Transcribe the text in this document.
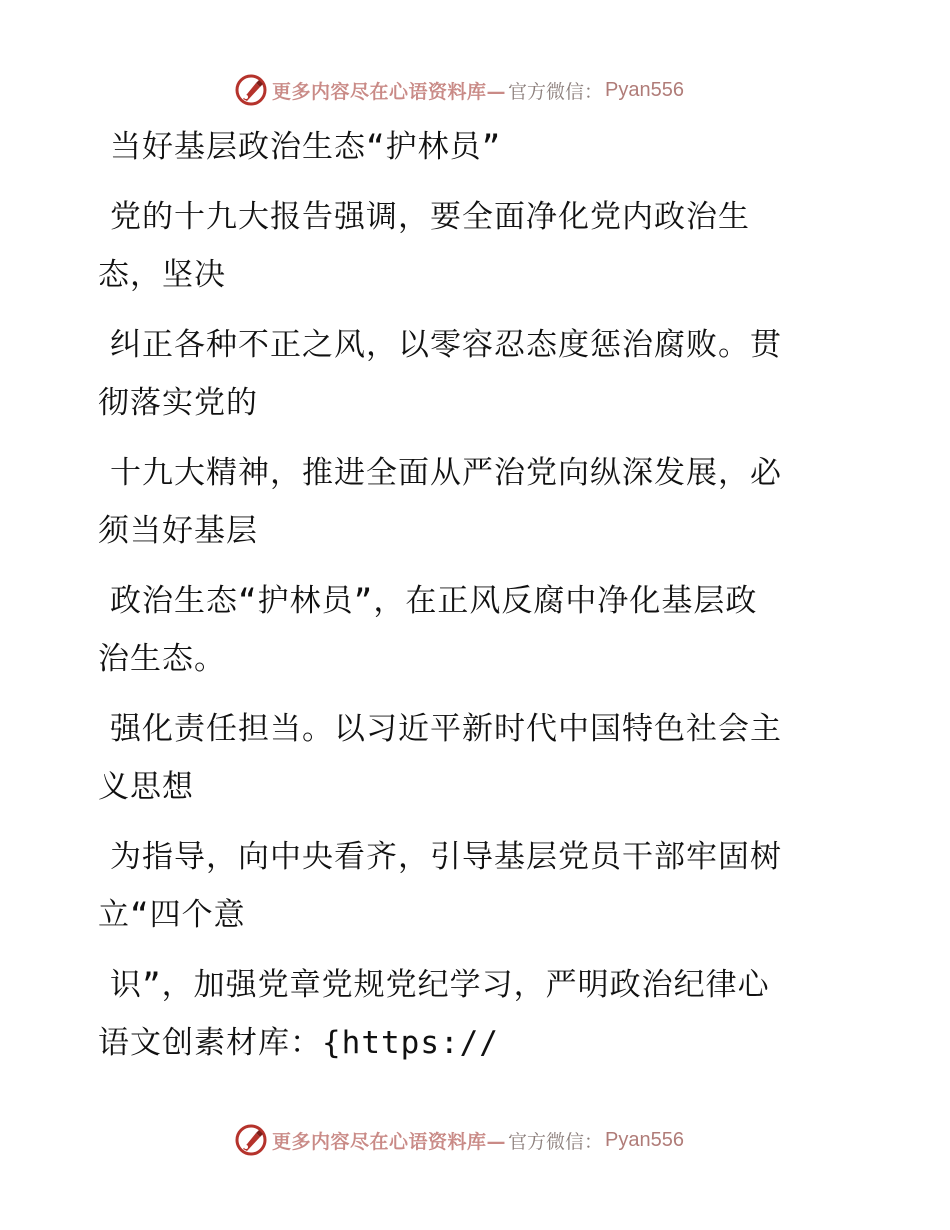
更多内容尽在心语资料库— 官方微信： Pyan556

当好基层政治生态“护林员”

党的十九大报告强调，要全面净化党内政治生

态，坚决

纠正各种不正之风，以零容忍态度惩治腐败。贯

彻落实党的

十九大精神，推进全面从严治党向纵深发展，必

须当好基层

政治生态“护林员”，在正风反腐中净化基层政

治生态。

强化责任担当。以习近平新时代中国特色社会主

义思想

为指导，向中央看齐，引导基层党员干部牢固树

立“四个意

识”，加强党章党规党纪学习，严明政治纪律心

语文创素材库：{https://

更多内容尽在心语资料库— 官方微信： Pyan556
